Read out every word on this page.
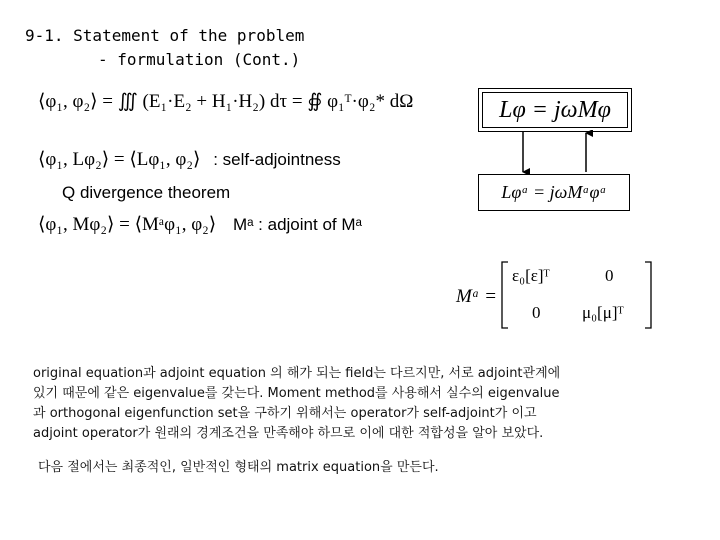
9-1. Statement of the problem
- formulation (Cont.)
⟨φ₁, φ₂⟩ = ∭ (E₁·E₂ + H₁·H₂) dτ = ∯ φ₁ᵀ·φ₂* dΩ
⟨φ₁, Lφ₂⟩ = ⟨Lφ₁, φ₂⟩ : self-adjointness
Q divergence theorem
⟨φ₁, Mφ₂⟩ = ⟨Mᵃφ₁, φ₂⟩ Mᵃ : adjoint of Mᵃ
Lφ = jωMφ
Lφᵃ = jωMᵃφᵃ
Mᵃ =
ε₀[ε]ᵀ	0
0 μ₀[μ]ᵀ
original equation과 adjoint equation 의 해가 되는 field는 다르지만, 서로 adjoint관계에
있기 때문에 같은 eigenvalue를 갖는다. Moment method를 사용해서 실수의 eigenvalue
과 orthogonal eigenfunction set을 구하기 위해서는 operator가 self-adjoint가 이고
adjoint operator가 원래의 경계조건을 만족해야 하므로 이에 대한 적합성을 알아 보았다.
다음 절에서는 최종적인, 일반적인 형태의 matrix equation을 만든다.
